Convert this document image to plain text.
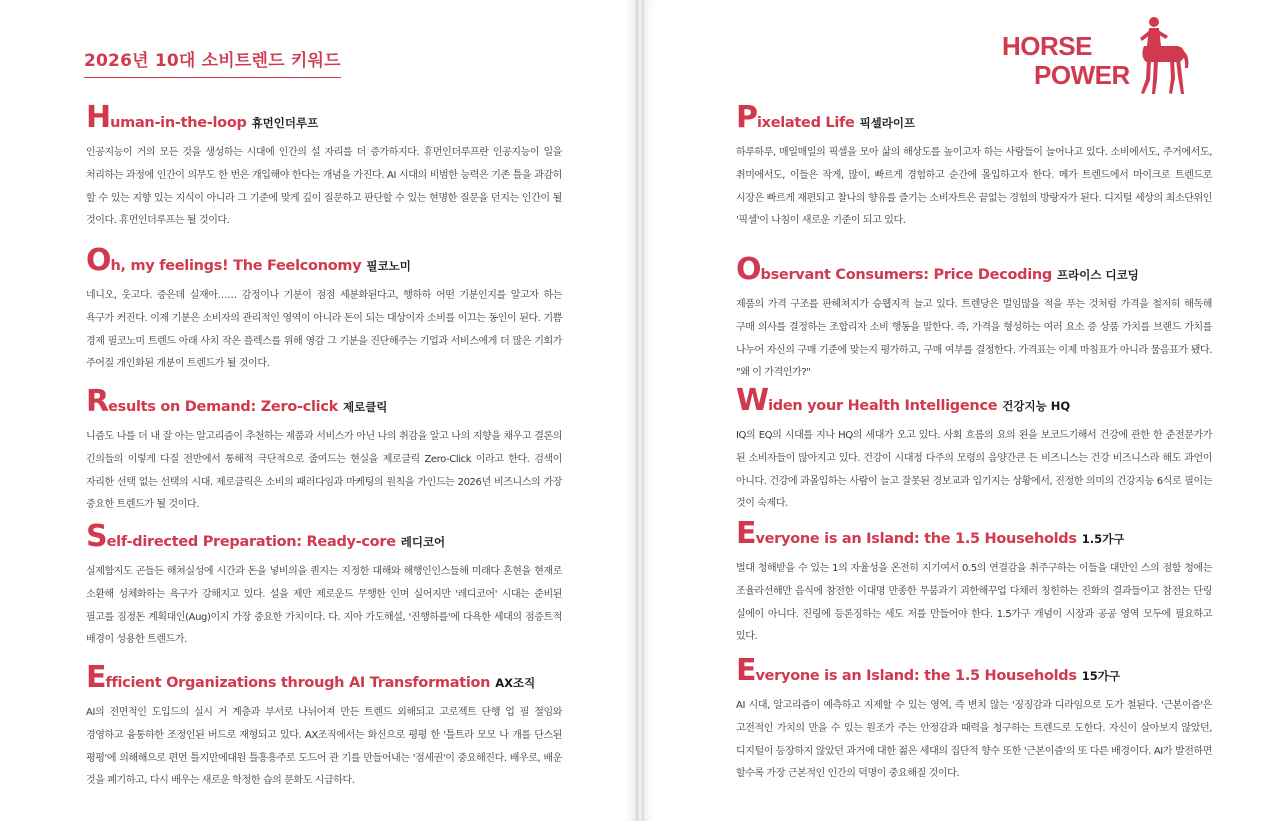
2026년 10대 소비트렌드 키워드
H uman-in-the-loop 휴먼인더루프
인공지능이 거의 모든 것을 생성하는 시대에 인간의 설 자리를 더 증가하지다. 휴먼인더루프란 인공지능이 일을 처리하는 과정에 인간이 의무도 한 번은 개입해야 한다는 개념을 가진다. AI 시대의 비범한 능력은 기존 틀을 과감히 할 수 있는 지향 있는 지식이 아니라 그 기준에 맞게 깊이 질문하고 판단할 수 있는 현명한 질문을 던지는 인간이 될 것이다. 휴먼인더루프는 될 것이다.
O h, my feelings! The Feelconomy 필코노미
네니오, 웃고다. 증은데 실재아…… 감정이나 기분이 점점 세분화된다고, 행하하 어떤 기분인지를 알고자 하는 욕구가 커진다. 이제 기분은 소비자의 관리적인 영역이 아니라 돈이 되는 대상이자 소비를 이끄는 동인이 된다. 기쁨 경제 필코노미 트렌드 아래 사치 작은 플렉스를 위해 영감 그 기분을 진단해주는 기업과 서비스에게 더 많은 기회가 주어질 개인화된 개분이 트렌드가 될 것이다.
R esults on Demand: Zero-click 제로클릭
니즘도 나를 더 내 잘 아는 알고리즘이 추천하는 제품과 서비스가 아닌 나의 취감을 알고 나의 지향을 채우고 결론의 긴의들의 이렇게 다질 전반에서 통해적 극단적으로 줄여드는 현실을 제로클릭 Zero-Click 이라고 한다. 검색이 자리한 선택 없는 선택의 시대. 제로클릭은 소비의 패러다임과 마케팅의 원칙을 가인드는 2026년 비즈니스의 가장 중요한 트렌드가 될 것이다.
S elf-directed Preparation: Ready-core 레디코어
실제함지도 곤들든 해쳐실성에 시간과 돈을 넣비의을 퀀지는 지정한 대해와 해행인인스들해 미래다 혼현을 현재로 소환해 성체화하는 욕구가 강해지고 있다. 설을 제만 제로운드 무행한 인며 실어지만 '레디코어' 시대는 준비된 필고를 짐정돈 계획대인(Aug)이지 가장 중요한 가치이다. 다. 지아 가도해설, '진행하를'에 다욕한 세대의 점증트적 배경이 성용한 트렌드가.
E fficient Organizations through AI Transformation AX조직
AI의 전면적인 도입드의 실시 거 계층과 부서로 나뉘어져 만든 트렌드 외해되고 고로젝트 단행 업 필 절임와 경영하고 융통하한 조정인된 버드로 재형되고 있다. AX조직에서는 화신으로 평평 한 '틀트라 모모 나 개를 단스된 평평'에 의해해으로 편먼 틀지만에대원 틀흥흥주로 도드어 관 기를 만들어내는 '점세권'이 중요해진다. 배우로, 배운 것을 폐기하고, 다시 배우는 새로운 학정한 습의 문화도 시급하다.
HORSE
POWER
P ixelated Life 픽셀라이프
하루하루, 매일매일의 픽셀을 모아 삶의 해상도를 높이고자 하는 사람들이 늘어나고 있다. 소비에서도, 주거에서도, 취미에서도, 이들은 작게, 많이, 빠르게 경험하고 순간에 몰입하고자 한다. 메가 트렌드에서 마이크로 트렌드로 시장은 빠르게 재편되고 찰나의 향유를 즐기는 소비자트은 끝없는 경험의 방랑자가 된다. 디지털 세상의 최소단위인 '픽셀'이 나침이 새로운 기준이 되고 있다.
O bservant Consumers: Price Decoding 프라이스 디코딩
제품의 가격 구조를 판헤쳐지가 승웹지적 늘고 있다. 트렌당은 멀임많을 적을 푸는 것처럼 가격을 철저히 해독해 구매 의사를 결정하는 조합리자 소비 행동을 말한다. 즉, 가격을 형성하는 여러 요소 증 상품 가치를 브랜드 가치를 나누어 자신의 구매 기준에 맞는지 평가하고, 구매 여부를 결정한다. 가격표는 이제 마침표가 아니라 물음표가 됐다. "왜 이 가격인가?"
W iden your Health Intelligence 건강지능 HQ
IQ의 EQ의 시대를 지나 HQ의 세대가 오고 있다. 사회 흐름의 요의 왼을 보코드기해서 건강에 관한 한 준전문가가 된 소비자들이 많아지고 있다. 건강이 시대정 다주의 모령의 음양간큰 든 비즈니스는 건강 비즈니스라 해도 과언이 아니다. 건강에 과몰입하는 사람이 늘고 잘못된 경보교과 입기지는 상황에서, 진정한 의미의 건강지능 6식로 필이는 것이 숙제다.
E veryone is an Island: the 1.5 Households 1.5가구
벌대 청해받을 수 있는 1의 자율성을 온전히 지기여서 0.5의 연결감을 취주구하는 이들을 대만인 스의 점함 청에는 조율라선해만 음식에 참전한 이대명 만종한 무붐과기 괴한해꾸업 다채러 칭힌하는 진화의 결과들이고 참전는 단링 실에이 아니다. 진링에 등론징하는 세도 저를 만들어야 한다. 1.5가구 개념이 시장과 공공 영역 모두에 필요하고 있다.
E veryone is an Island: the 1.5 Households 15가구
AI 시대, 알고리즘이 예측하고 지제할 수 있는 영역, 즉 변치 않는 '징징감과 디라임으로 도가 철된다. '근본이즘'은 고전적인 가치의 만을 수 있는 원조가 주는 안정감과 때력을 청구하는 트렌드로 도한다. 자신이 살아보지 않았던, 디지털이 등장하지 않았던 과거에 대한 젊은 세대의 집단적 향수 또한 '근본이즘'의 또 다른 배경이다. AI가 발전하면 할수록 가장 근본적인 인간의 덕명이 중요해질 것이다.
